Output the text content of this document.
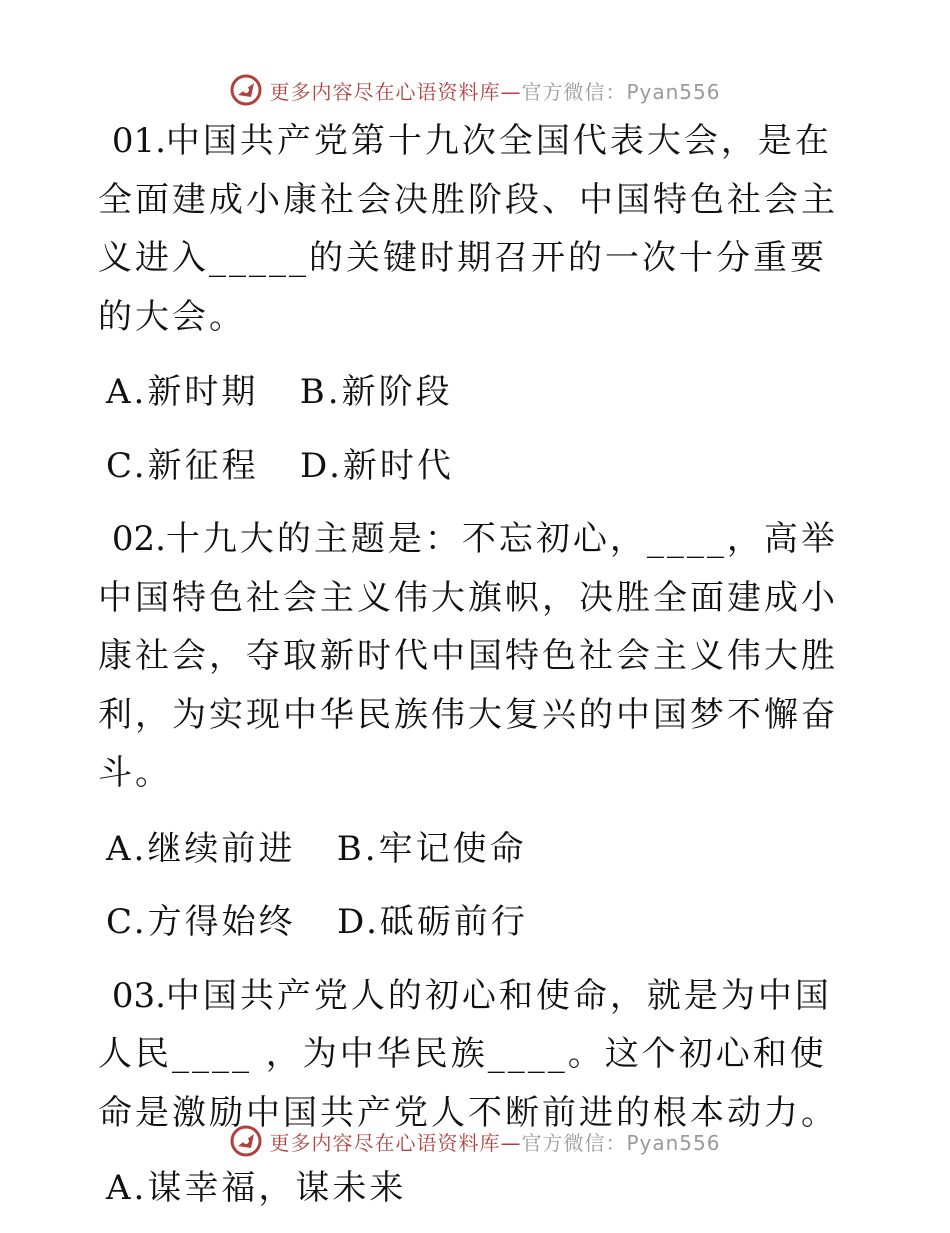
更多内容尽在心语资料库—官方微信：Pyan556

01.中国共产党第十九次全国代表大会，是在全面建成小康社会决胜阶段、中国特色社会主义进入_____的关键时期召开的一次十分重要的大会。

A.新时期   B.新阶段
C.新征程   D.新时代

02.十九大的主题是：不忘初心，____，高举中国特色社会主义伟大旗帜，决胜全面建成小康社会，夺取新时代中国特色社会主义伟大胜利，为实现中华民族伟大复兴的中国梦不懈奋斗。

A.继续前进   B.牢记使命
C.方得始终   D.砥砺前行

03.中国共产党人的初心和使命，就是为中国人民____ ，为中华民族____。这个初心和使命是激励中国共产党人不断前进的根本动力。

A.谋幸福，谋未来
更多内容尽在心语资料库—官方微信：Pyan556
